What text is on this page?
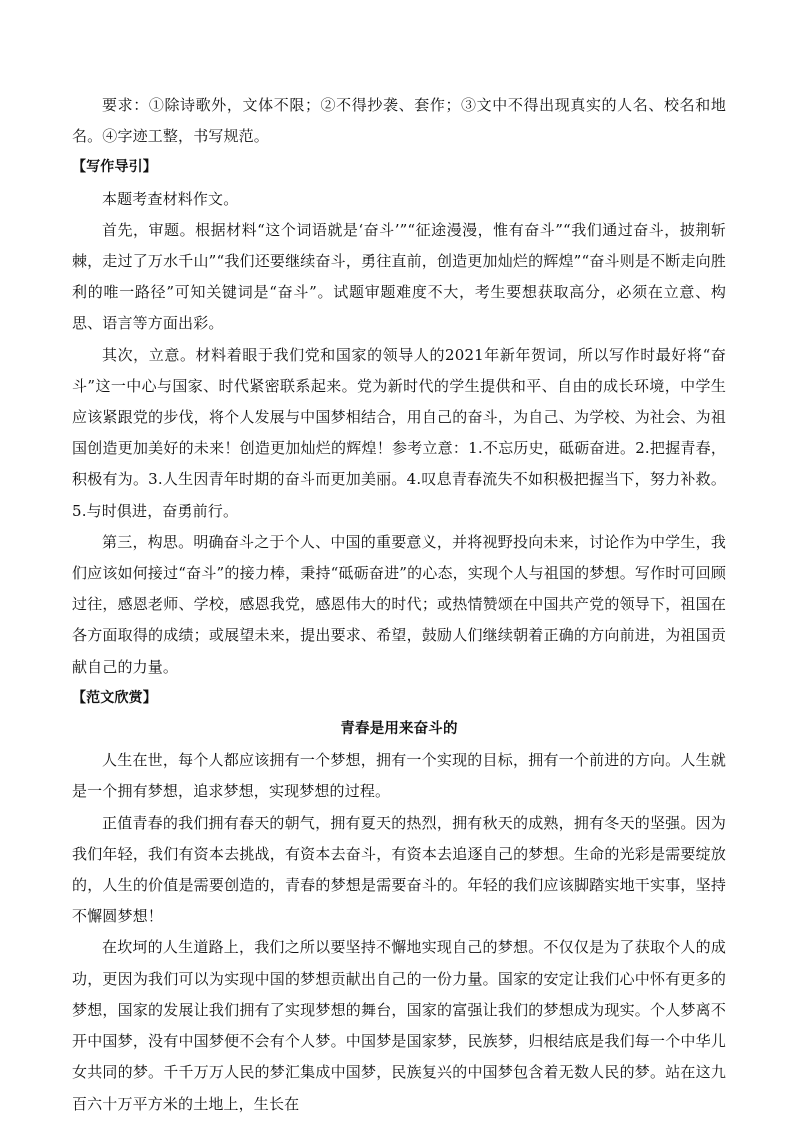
要求：①除诗歌外，文体不限；②不得抄袭、套作；③文中不得出现真实的人名、校名和地名。④字迹工整，书写规范。

【写作导引】

本题考查材料作文。

首先，审题。根据材料“这个词语就是‘奋斗’”“征途漫漫，惟有奋斗”“我们通过奋斗，披荆斩棘，走过了万水千山”“我们还要继续奋斗，勇往直前，创造更加灿烂的辉煌”“奋斗则是不断走向胜利的唯一路径”可知关键词是“奋斗”。试题审题难度不大，考生要想获取高分，必须在立意、构思、语言等方面出彩。

其次，立意。材料着眼于我们党和国家的领导人的2021年新年贺词，所以写作时最好将“奋斗”这一中心与国家、时代紧密联系起来。党为新时代的学生提供和平、自由的成长环境，中学生应该紧跟党的步伐，将个人发展与中国梦相结合，用自己的奋斗，为自己、为学校、为社会、为祖国创造更加美好的未来！创造更加灿烂的辉煌！参考立意：1.不忘历史，砥砺奋进。2.把握青春，积极有为。3.人生因青年时期的奋斗而更加美丽。4.叹息青春流失不如积极把握当下，努力补救。5.与时俱进，奋勇前行。

第三，构思。明确奋斗之于个人、中国的重要意义，并将视野投向未来，讨论作为中学生，我们应该如何接过“奋斗”的接力棒，秉持“砥砺奋进”的心态，实现个人与祖国的梦想。写作时可回顾过往，感恩老师、学校，感恩我党，感恩伟大的时代；或热情赞颂在中国共产党的领导下，祖国在各方面取得的成绩；或展望未来，提出要求、希望，鼓励人们继续朝着正确的方向前进，为祖国贡献自己的力量。

【范文欣赏】

青春是用来奋斗的

人生在世，每个人都应该拥有一个梦想，拥有一个实现的目标，拥有一个前进的方向。人生就是一个拥有梦想，追求梦想，实现梦想的过程。

正值青春的我们拥有春天的朝气，拥有夏天的热烈，拥有秋天的成熟，拥有冬天的坚强。因为我们年轻，我们有资本去挑战，有资本去奋斗，有资本去追逐自己的梦想。生命的光彩是需要绽放的，人生的价值是需要创造的，青春的梦想是需要奋斗的。年轻的我们应该脚踏实地干实事，坚持不懈圆梦想！

在坎坷的人生道路上，我们之所以要坚持不懈地实现自己的梦想。不仅仅是为了获取个人的成功，更因为我们可以为实现中国的梦想贡献出自己的一份力量。国家的安定让我们心中怀有更多的梦想，国家的发展让我们拥有了实现梦想的舞台，国家的富强让我们的梦想成为现实。个人梦离不开中国梦，没有中国梦便不会有个人梦。中国梦是国家梦，民族梦，归根结底是我们每一个中华儿女共同的梦。千千万万人民的梦汇集成中国梦，民族复兴的中国梦包含着无数人民的梦。站在这九百六十万平方米的土地上，生长在
